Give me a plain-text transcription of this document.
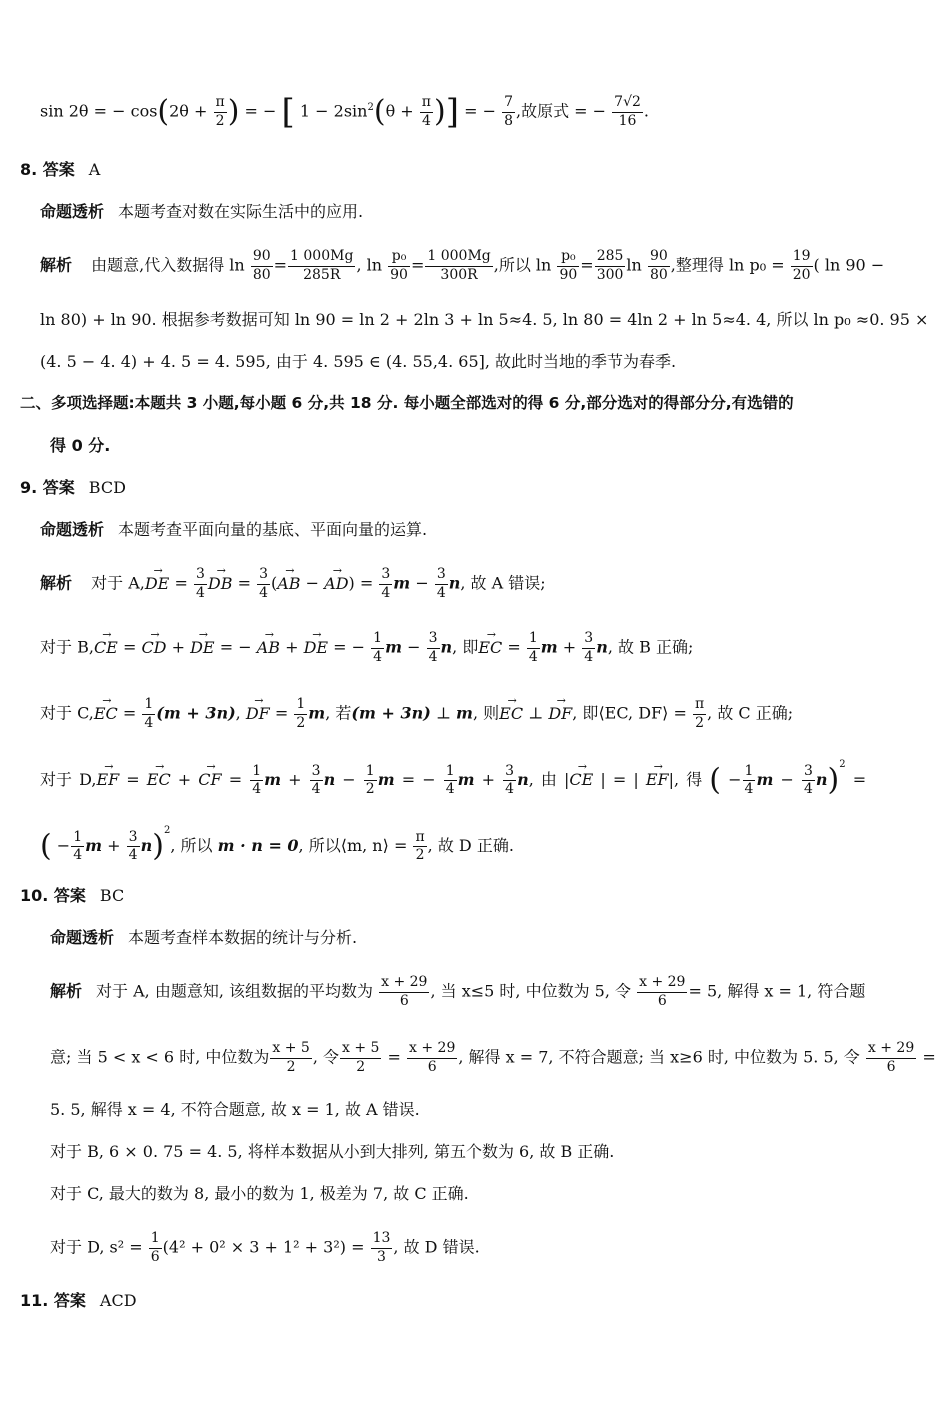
sin 2θ = − $\cos(2\theta + \frac{\pi}{2}$ ) = − [ $1 - 2\sin^2(\theta + \frac{\pi}{4}$ )] = − $\frac{7}{8}$ ,故原式 = − $\frac{7√2}{16}$ .
8. 答案 A
命题透析 本题考查对数在实际生活中的应用.
解析 由题意,代入数据得 $\ln \frac{90}{80} = \frac{1 000Mg}{285R}$ , $\ln \frac{\text{p₀}}{90} = \frac{1 000Mg}{300R}$ ,所以 $\ln \frac{\text{p₀}}{90} = \frac{285}{300}$ $\ln \frac{90}{80}$ ,整理得 $\ln p_0 = \frac{19}{20}$ ( ln 90 −
ln 80) + ln 90. 根据参考数据可知 ln 90 = ln 2 + 2ln 3 + ln 5≈4. 5, ln 80 = 4ln 2 + ln 5≈4. 4, 所以 ln p₀ ≈0. 95 ×
(4. 5 − 4. 4) + 4. 5 = 4. 595, 由于 4. 595 ∈ (4. 55,4. 65], 故此时当地的季节为春季.
二、多项选择题:本题共 3 小题,每小题 6 分,共 18 分. 每小题全部选对的得 6 分,部分选对的得部分分,有选错的
得 0 分.
9. 答案 BCD
命题透析 本题考查平面向量的基底、平面向量的运算.
解析 对于 A,→ DE = $\frac{3}{4}$ → DB = $\frac{3}{4}$ (→ AB − → $AD) = \frac{3}{4}$ $m - \frac{3}{4} n$, 故 A 错误;
对于 B,→ CE = → CD + → DE = − → AB + → DE = − $\frac{1}{4}$ $m - \frac{3}{4} n$, 即→ EC = $\frac{1}{4}$ $m + \frac{3}{4} n$, 故 B 正确;
对于 C,→ EC = $\frac{1}{4} (m + 3n)$, → DF = $\frac{1}{2} m$, 若(m + 3n) ⊥ m, 则→ EC ⊥ → DF, 即⟨EC, DF⟩ = $\frac{\pi}{2}$ , 故 C 正确;
对于 D,→ EF = → EC + → CF = $\frac{1}{4}$ $m + \frac{3}{4}$ $n - \frac{1}{2}$ m = − $\frac{1}{4}$ $m + \frac{3}{4} n$, 由 |→ CE | = | → EF|, 得 ( − $\frac{1}{4}$ $m - \frac{3}{4} n)^2$ =
( − $\frac{1}{4}$ $m + \frac{3}{4} n)^2$, 所以 m · n = 0, 所以⟨m, n⟩ = $\frac{\pi}{2}$ , 故 D 正确.
10. 答案 BC
命题透析 本题考查样本数据的统计与分析.
解析 对于 A, 由题意知, 该组数据的平均数为 $\frac{x + 29}{6}$ , 当 x≤5 时, 中位数为 5, 令 $\frac{x + 29}{6} = 5$, 解得 x = 1, 符合题
意; 当 5 < x < 6 时, 中位数为 $\frac{x + 5}{2}$ , 令 $\frac{x + 5}{2} = \frac{x + 29}{6}$ , 解得 x = 7, 不符合题意; 当 x≥6 时, 中位数为 5. 5, 令 $\frac{x + 29}{6}$ =
5. 5, 解得 x = 4, 不符合题意, 故 x = 1, 故 A 错误.
对于 B, 6 × 0. 75 = 4. 5, 将样本数据从小到大排列, 第五个数为 6, 故 B 正确.
对于 C, 最大的数为 8, 最小的数为 1, 极差为 7, 故 C 正确.
对于 D, $s^2 = \frac{1}{6} (4^2 + 0^2 \times 3 + 1^2 + 3^2) = \frac{13}{3}$ , 故 D 错误.
11. 答案 ACD
